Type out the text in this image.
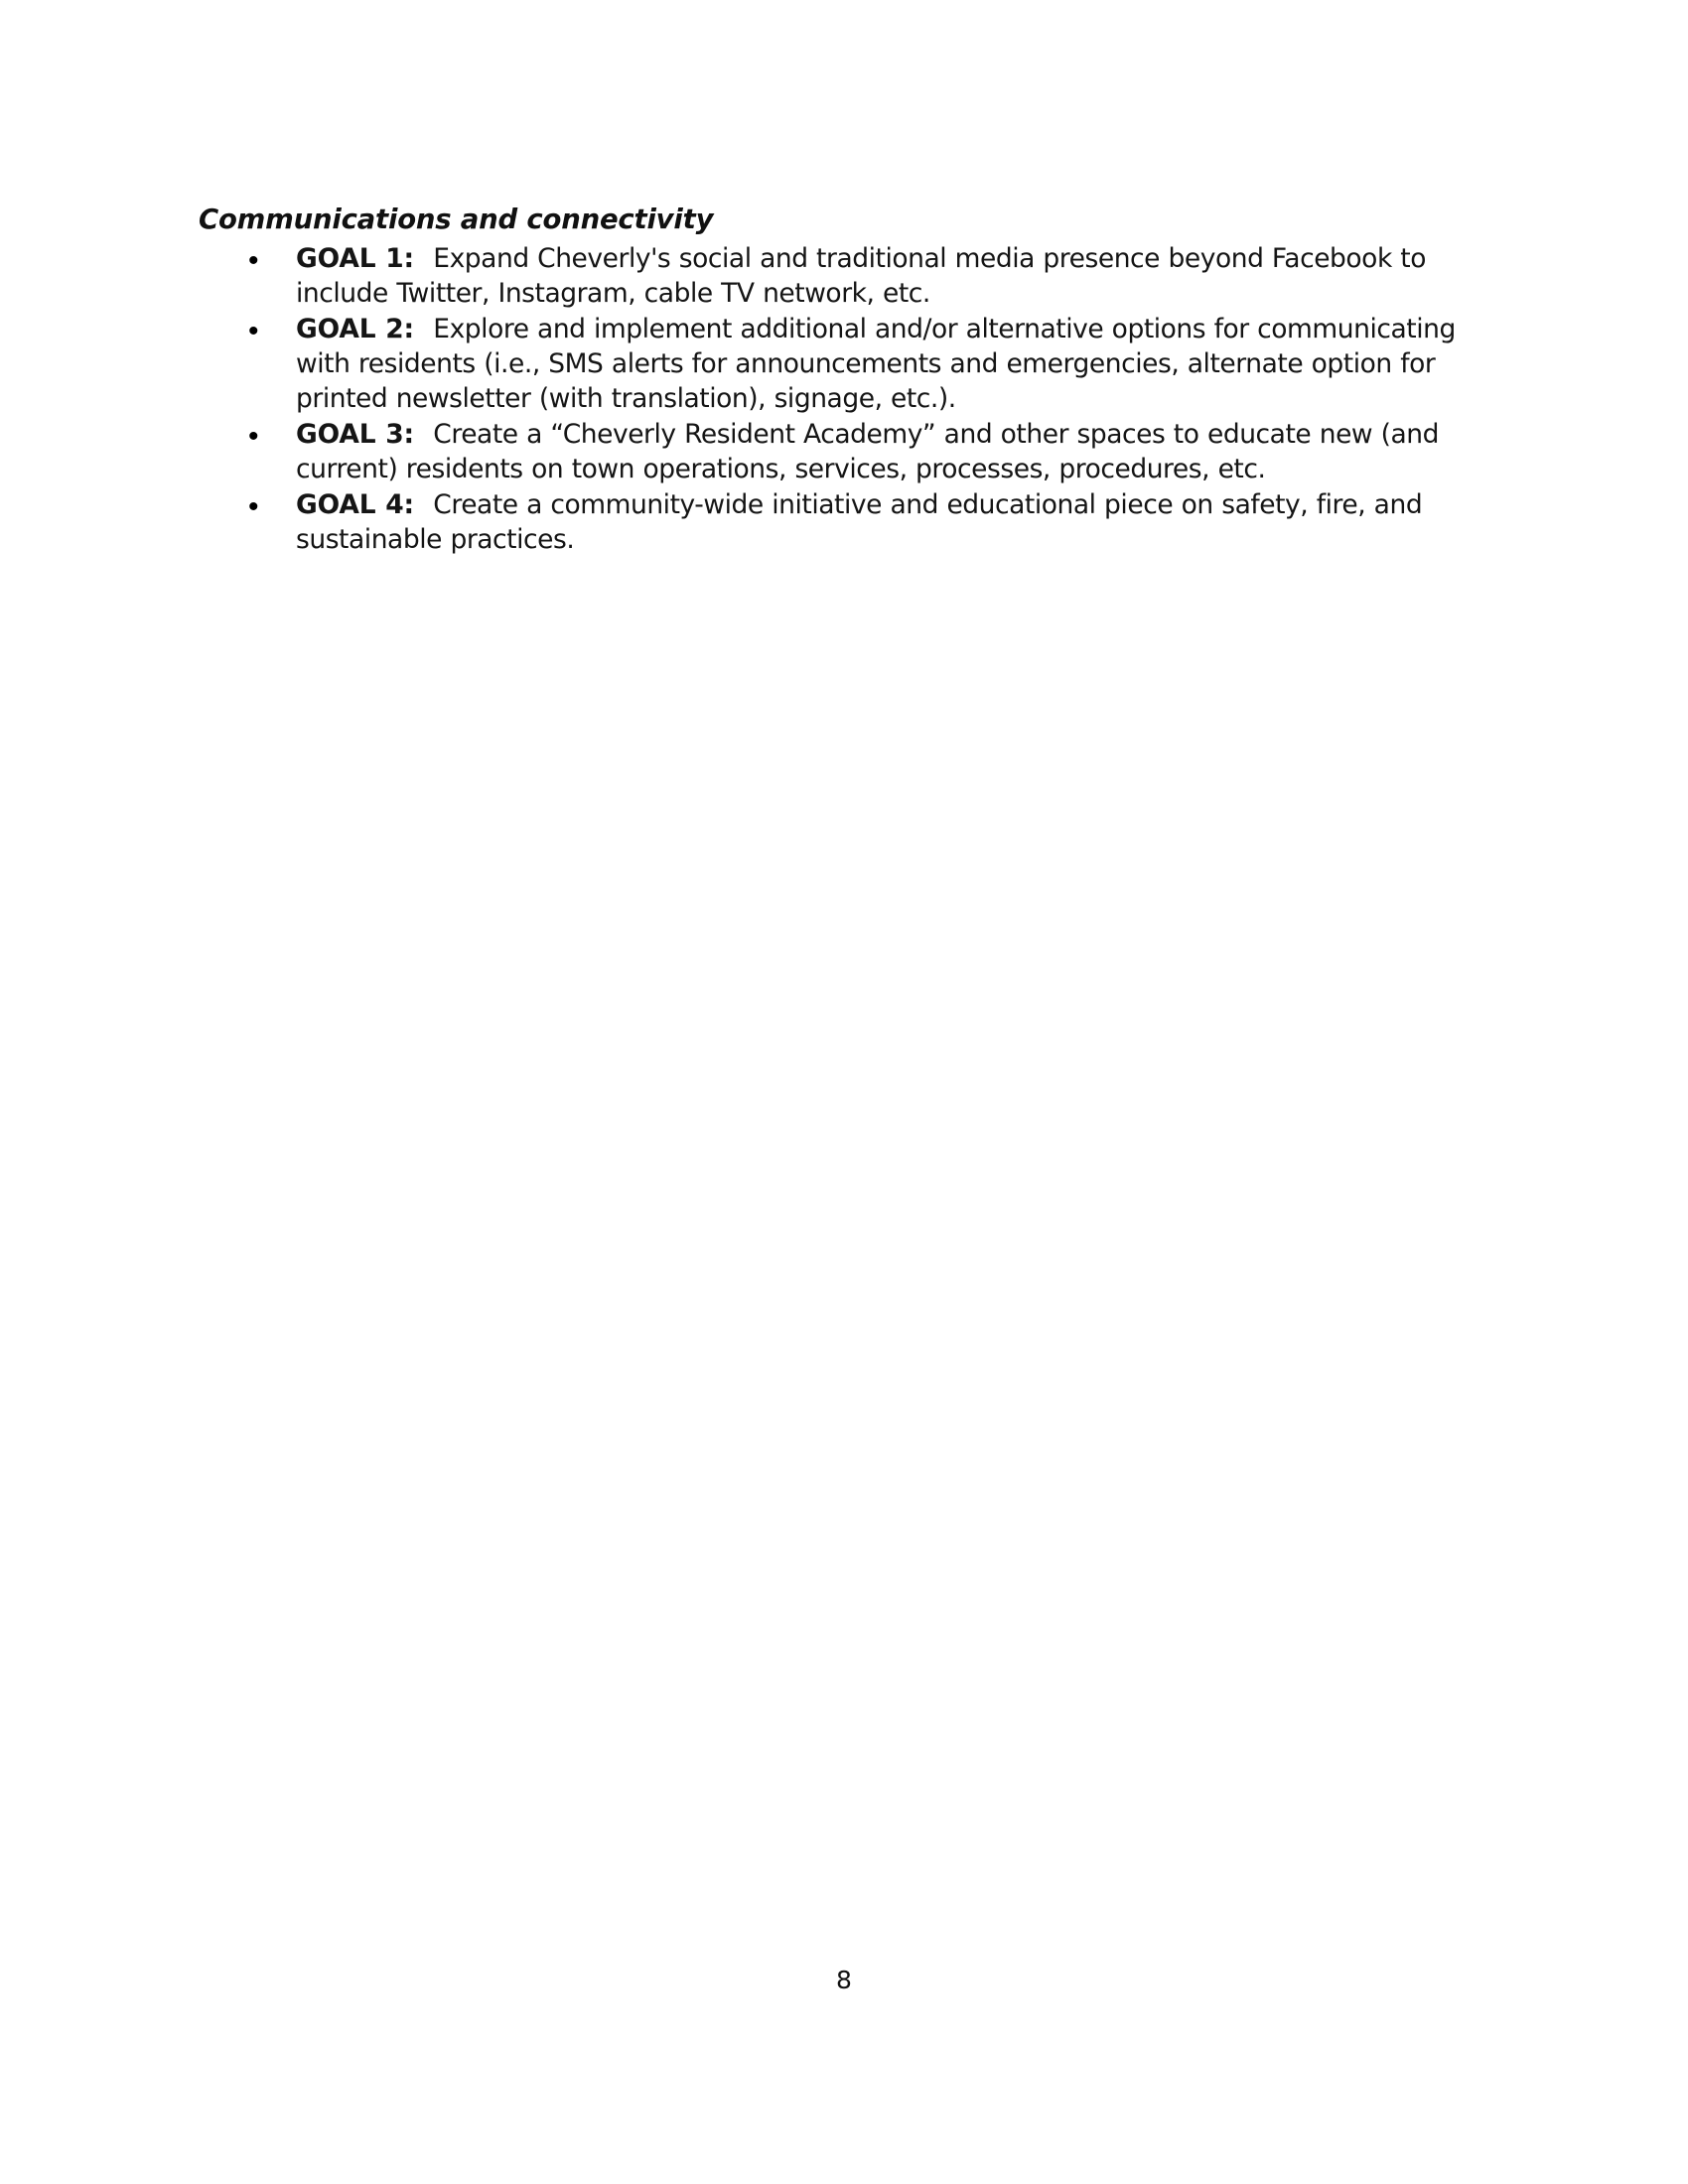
Communications and connectivity
• GOAL 1:  Expand Cheverly's social and traditional media presence beyond Facebook to include Twitter, Instagram, cable TV network, etc.
• GOAL 2:  Explore and implement additional and/or alternative options for communicating with residents (i.e., SMS alerts for announcements and emergencies, alternate option for printed newsletter (with translation), signage, etc.).
• GOAL 3:  Create a “Cheverly Resident Academy” and other spaces to educate new (and current) residents on town operations, services, processes, procedures, etc.
• GOAL 4:  Create a community-wide initiative and educational piece on safety, fire, and sustainable practices.
8
